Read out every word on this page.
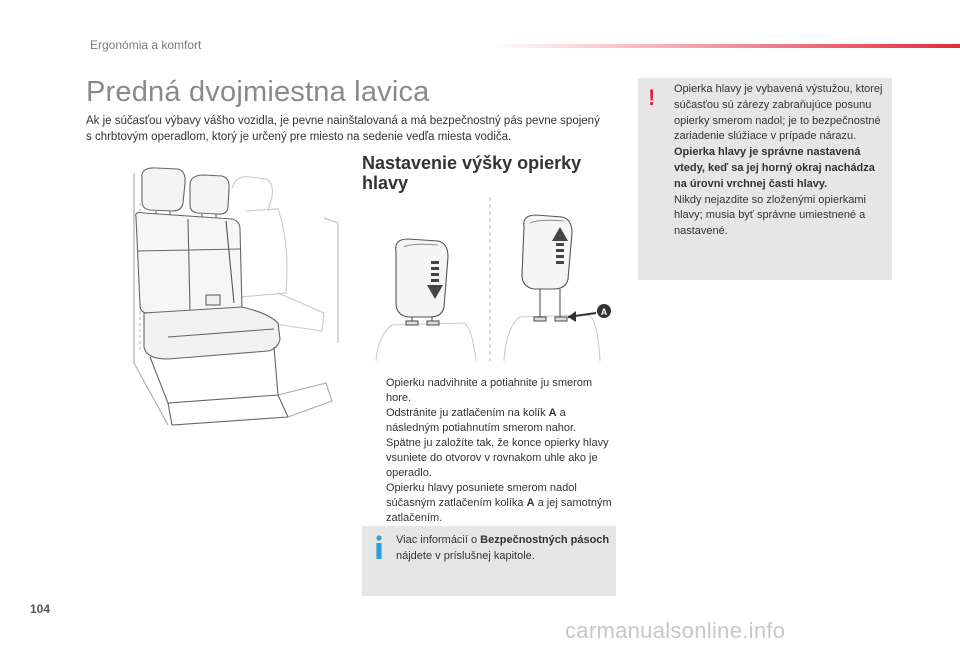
Ergonómia a komfort
Predná dvojmiestna lavica
Ak je súčasťou výbavy vášho vozidla, je pevne nainštalovaná a má bezpečnostný pás pevne spojený s chrbtovým operadlom, ktorý je určený pre miesto na sedenie vedľa miesta vodiča.
Nastavenie výšky opierky hlavy
A
Opierku nadvihnite a potiahnite ju smerom hore.
Odstránite ju zatlačením na kolík A a následným potiahnutím smerom nahor.
Spätne ju založíte tak, že konce opierky hlavy vsuniete do otvorov v rovnakom uhle ako je operadlo.
Opierku hlavy posuniete smerom nadol súčasným zatlačením kolíka A a jej samotným zatlačením.
Viac informácií o Bezpečnostných pásoch nájdete v príslušnej kapitole.
! Opierka hlavy je vybavená výstužou, ktorej súčasťou sú zárezy zabraňujúce posunu opierky smerom nadol; je to bezpečnostné zariadenie slúžiace v prípade nárazu.
Opierka hlavy je správne nastavená vtedy, keď sa jej horný okraj nachádza na úrovni vrchnej časti hlavy.
Nikdy nejazdite so zloženými opierkami hlavy; musia byť správne umiestnené a nastavené.
104
carmanualsonline.info
